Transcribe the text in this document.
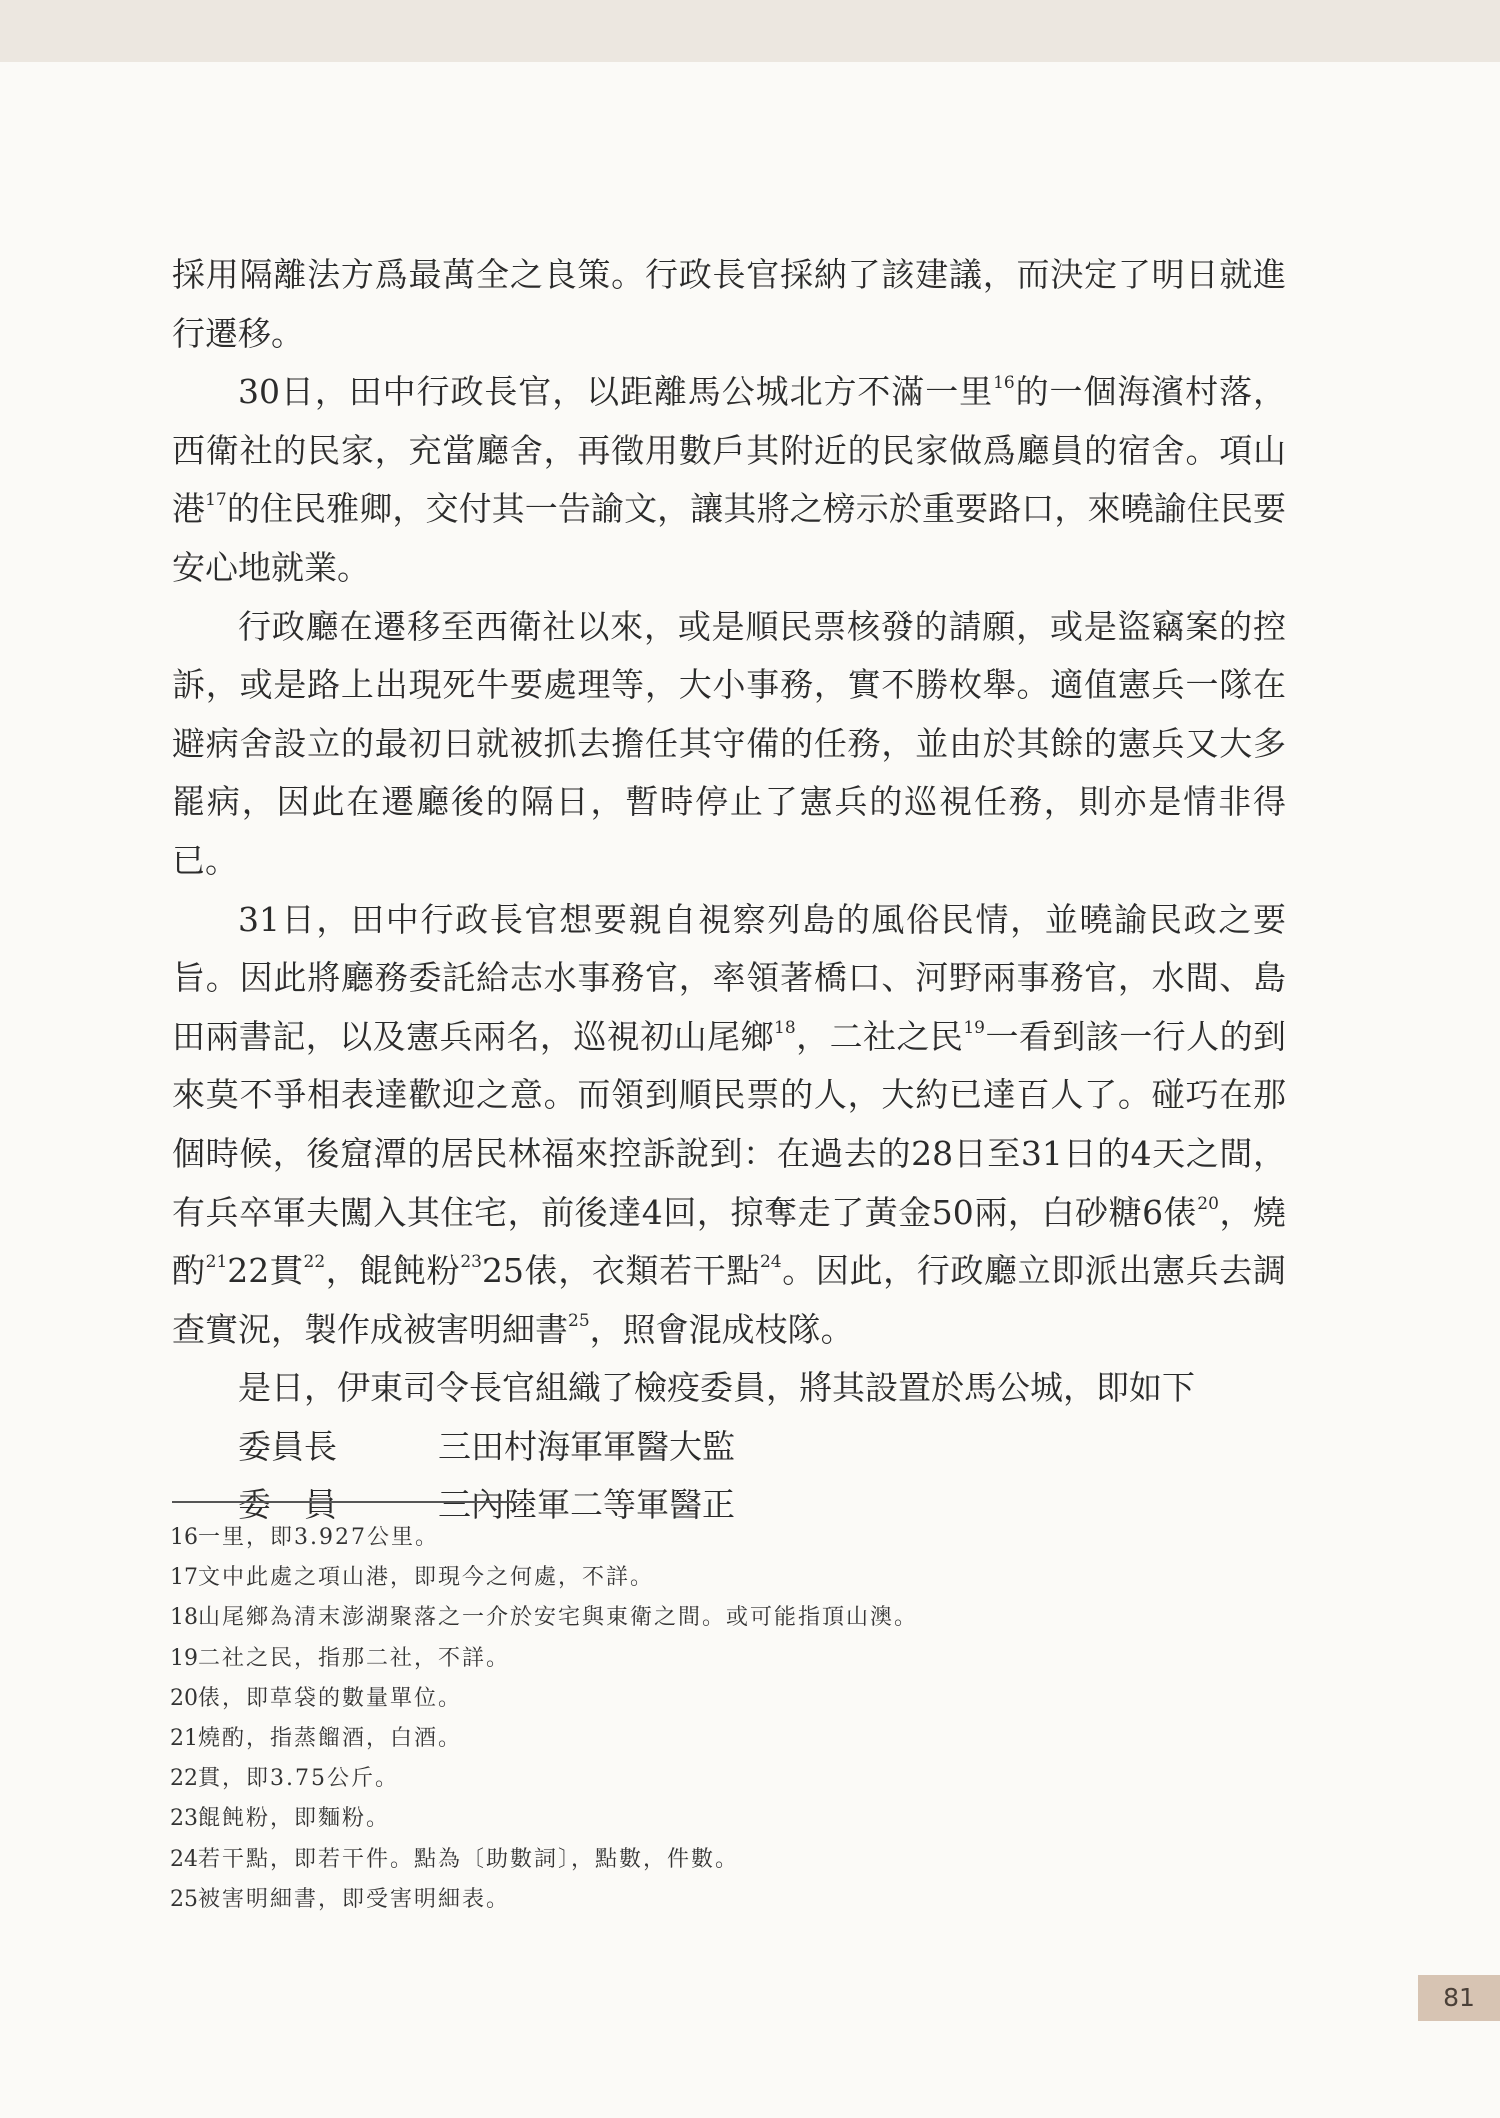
採用隔離法方爲最萬全之良策。行政長官採納了該建議，而決定了明日就進行遷移。

30日，田中行政長官，以距離馬公城北方不滿一里$^{16}$的一個海濱村落，西衛社的民家，充當廳舍，再徵用數戶其附近的民家做爲廳員的宿舍。項山港$^{17}$的住民雅卿，交付其一告諭文，讓其將之榜示於重要路口，來曉諭住民要安心地就業。

行政廳在遷移至西衛社以來，或是順民票核發的請願，或是盜竊案的控訴，或是路上出現死牛要處理等，大小事務，實不勝枚舉。適值憲兵一隊在避病舍設立的最初日就被抓去擔任其守備的任務，並由於其餘的憲兵又大多罷病，因此在遷廳後的隔日，暫時停止了憲兵的巡視任務，則亦是情非得已。

31日，田中行政長官想要親自視察列島的風俗民情，並曉諭民政之要旨。因此將廳務委託給志水事務官，率領著橋口、河野兩事務官，水間、島田兩書記，以及憲兵兩名，巡視初山尾鄉$^{18}$，二社之民$^{19}$一看到該一行人的到來莫不爭相表達歡迎之意。而領到順民票的人，大約已達百人了。碰巧在那個時候，後窟潭的居民林福來控訴說到：在過去的28日至31日的4天之間，有兵卒軍夫闖入其住宅，前後達4回，掠奪走了黃金50兩，白砂糖6俵$^{20}$，燒酌$^{21}$22貫$^{22}$，餛飩粉$^{23}$25俵，衣類若干點$^{24}$。因此，行政廳立即派出憲兵去調查實況，製作成被害明細書$^{25}$，照會混成枝隊。

是日，伊東司令長官組織了檢疫委員，將其設置於馬公城，即如下

委員長	三田村海軍軍醫大監
委　員	三內陸軍二等軍醫正

16一里，即3.927公里。

17文中此處之項山港，即現今之何處，不詳。

18山尾鄉為清末澎湖聚落之一介於安宅與東衛之間。或可能指頂山澳。

19二社之民，指那二社，不詳。

20俵，即草袋的數量單位。

21燒酌，指蒸餾酒，白酒。

22貫，即3.75公斤。

23餛飩粉，即麵粉。

24若干點，即若干件。點為〔助數詞〕，點數，件數。

25被害明細書，即受害明細表。

81
